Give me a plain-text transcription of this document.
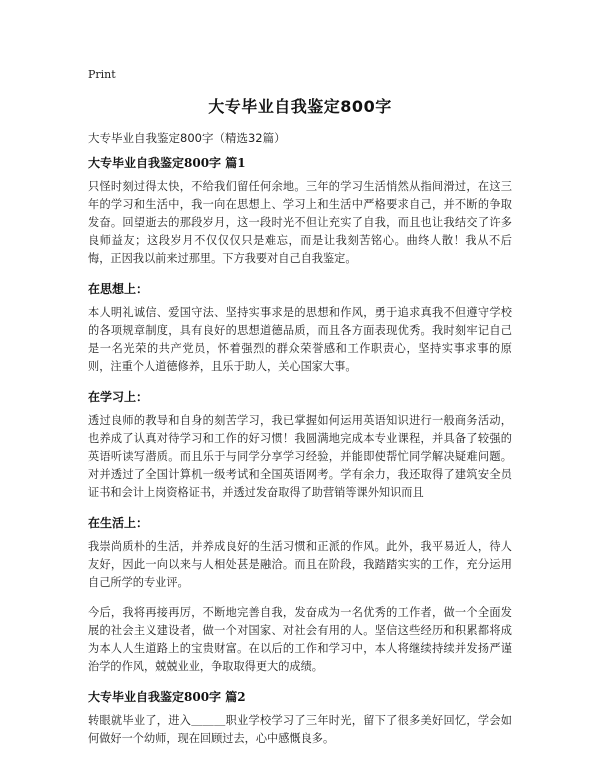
Print
大专毕业自我鉴定800字

大专毕业自我鉴定800字（精选32篇）

大专毕业自我鉴定800字 篇1

只怪时刻过得太快，不给我们留任何余地。三年的学习生活悄然从指间滑过，在这三年的学习和生活中，我一向在思想上、学习上和生活中严格要求自己，并不断的争取发奋。回望逝去的那段岁月，这一段时光不但让充实了自我，而且也让我结交了许多良师益友；这段岁月不仅仅仅只是难忘，而是让我刻苦铭心。曲终人散！我从不后悔，正因我以前来过那里。下方我要对自己自我鉴定。

在思想上：

本人明礼诚信、爱国守法、坚持实事求是的思想和作风，勇于追求真我不但遵守学校的各项规章制度，具有良好的思想道德品质，而且各方面表现优秀。我时刻牢记自己是一名光荣的共产党员，怀着强烈的群众荣誉感和工作职责心，坚持实事求事的原则，注重个人道德修养，且乐于助人，关心国家大事。

在学习上：

透过良师的教导和自身的刻苦学习，我已掌握如何运用英语知识进行一般商务活动，也养成了认真对待学习和工作的好习惯！我圆满地完成本专业课程，并具备了较强的英语听读写潜质。而且乐于与同学分享学习经验，并能即使帮忙同学解决疑难问题。对并透过了全国计算机一级考试和全国英语网考。学有余力，我还取得了建筑安全员证书和会计上岗资格证书，并透过发奋取得了助营销等课外知识而且

在生活上：

我崇尚质朴的生活，并养成良好的生活习惯和正派的作风。此外，我平易近人，待人友好，因此一向以来与人相处甚是融洽。而且在阶段，我踏踏实实的工作，充分运用自己所学的专业评。

今后，我将再接再厉，不断地完善自我，发奋成为一名优秀的工作者，做一个全面发展的社会主义建设者，做一个对国家、对社会有用的人。坚信这些经历和积累都将成为本人人生道路上的宝贵财富。在以后的工作和学习中，本人将继续持续并发扬严谨治学的作风，兢兢业业，争取取得更大的成绩。

大专毕业自我鉴定800字 篇2

转眼就毕业了，进入＿＿＿职业学校学习了三年时光，留下了很多美好回忆，学会如何做好一个幼师，现在回顾过去，心中感慨良多。
